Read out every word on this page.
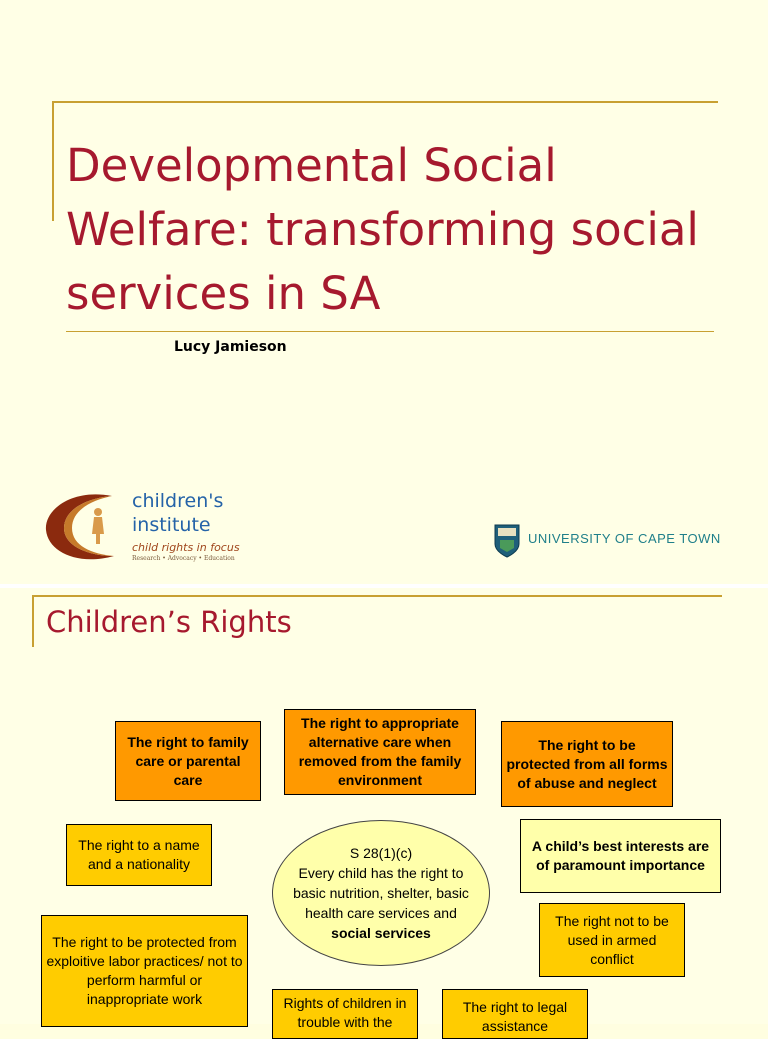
Developmental Social Welfare: transforming social services in SA
Lucy Jamieson
children's
institute
child rights in focus
Research • Advocacy • Education
UNIVERSITY OF CAPE TOWN
Children’s Rights
The right to family care or parental care
The right to appropriate alternative care when removed from the family environment
The right to be protected from all forms of abuse and neglect
The right to a name and a nationality
S 28(1)(c)
Every child has the right to basic nutrition, shelter, basic health care services and social services
A child’s best interests are of paramount importance
The right to be protected from exploitive labor practices/ not to perform harmful or inappropriate work
The right not to be used in armed conflict
Rights of children in trouble with the
The right to legal assistance
